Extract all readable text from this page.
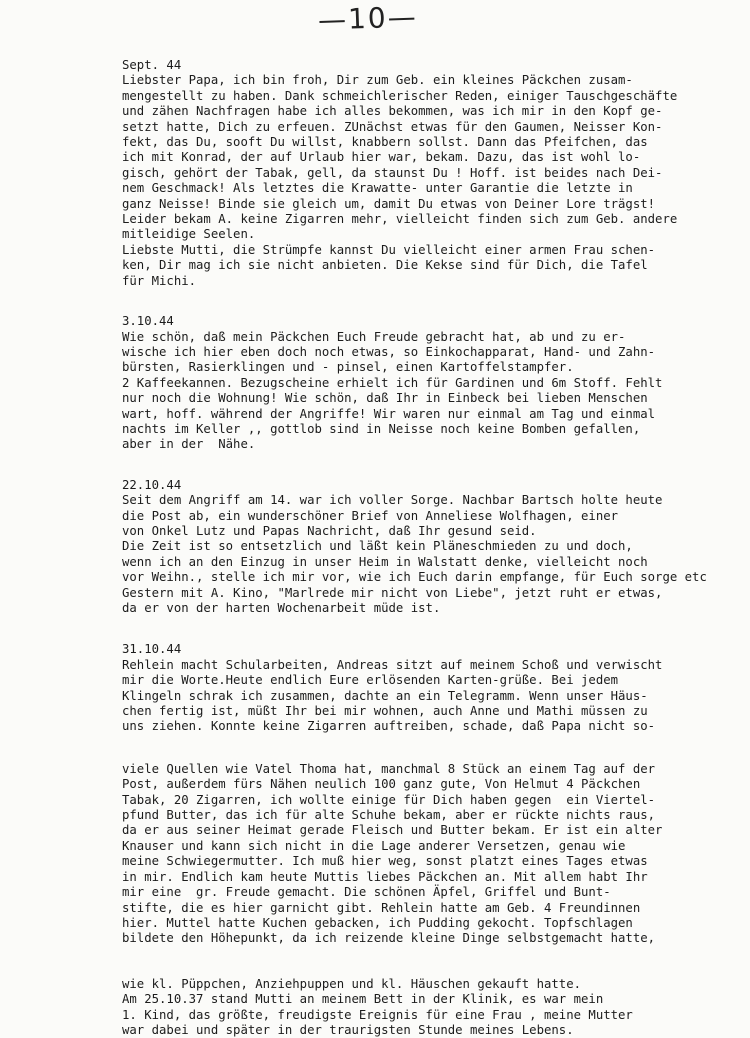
—10—
Sept. 44
Liebster Papa, ich bin froh, Dir zum Geb. ein kleines Päckchen zusam-
mengestellt zu haben. Dank schmeichlerischer Reden, einiger Tauschgeschäfte
und zähen Nachfragen habe ich alles bekommen, was ich mir in den Kopf ge-
setzt hatte, Dich zu erfeuen. ZUnächst etwas für den Gaumen, Neisser Kon-
fekt, das Du, sooft Du willst, knabbern sollst. Dann das Pfeifchen, das
ich mit Konrad, der auf Urlaub hier war, bekam. Dazu, das ist wohl lo-
gisch, gehört der Tabak, gell, da staunst Du ! Hoff. ist beides nach Dei-
nem Geschmack! Als letztes die Krawatte- unter Garantie die letzte in
ganz Neisse! Binde sie gleich um, damit Du etwas von Deiner Lore trägst!
Leider bekam A. keine Zigarren mehr, vielleicht finden sich zum Geb. andere
mitleidige Seelen.
Liebste Mutti, die Strümpfe kannst Du vielleicht einer armen Frau schen-
ken, Dir mag ich sie nicht anbieten. Die Kekse sind für Dich, die Tafel
für Michi.
3.10.44
Wie schön, daß mein Päckchen Euch Freude gebracht hat, ab und zu er-
wische ich hier eben doch noch etwas, so Einkochapparat, Hand- und Zahn-
bürsten, Rasierklingen und - pinsel, einen Kartoffelstampfer.
2 Kaffeekannen. Bezugscheine erhielt ich für Gardinen und 6m Stoff. Fehlt
nur noch die Wohnung! Wie schön, daß Ihr in Einbeck bei lieben Menschen
wart, hoff. während der Angriffe! Wir waren nur einmal am Tag und einmal
nachts im Keller ,, gottlob sind in Neisse noch keine Bomben gefallen,
aber in der  Nähe.
22.10.44
Seit dem Angriff am 14. war ich voller Sorge. Nachbar Bartsch holte heute
die Post ab, ein wunderschöner Brief von Anneliese Wolfhagen, einer
von Onkel Lutz und Papas Nachricht, daß Ihr gesund seid.
Die Zeit ist so entsetzlich und läßt kein Pläneschmieden zu und doch,
wenn ich an den Einzug in unser Heim in Walstatt denke, vielleicht noch
vor Weihn., stelle ich mir vor, wie ich Euch darin empfange, für Euch sorge etc
Gestern mit A. Kino, "Marlrede mir nicht von Liebe", jetzt ruht er etwas,
da er von der harten Wochenarbeit müde ist.
31.10.44
Rehlein macht Schularbeiten, Andreas sitzt auf meinem Schoß und verwischt
mir die Worte.Heute endlich Eure erlösenden Karten-grüße. Bei jedem
Klingeln schrak ich zusammen, dachte an ein Telegramm. Wenn unser Häus-
chen fertig ist, müßt Ihr bei mir wohnen, auch Anne und Mathi müssen zu
uns ziehen. Konnte keine Zigarren auftreiben, schade, daß Papa nicht so-
viele Quellen wie Vatel Thoma hat, manchmal 8 Stück an einem Tag auf der
Post, außerdem fürs Nähen neulich 100 ganz gute, Von Helmut 4 Päckchen
Tabak, 20 Zigarren, ich wollte einige für Dich haben gegen  ein Viertel-
pfund Butter, das ich für alte Schuhe bekam, aber er rückte nichts raus,
da er aus seiner Heimat gerade Fleisch und Butter bekam. Er ist ein alter
Knauser und kann sich nicht in die Lage anderer Versetzen, genau wie
meine Schwiegermutter. Ich muß hier weg, sonst platzt eines Tages etwas
in mir. Endlich kam heute Muttis liebes Päckchen an. Mit allem habt Ihr
mir eine  gr. Freude gemacht. Die schönen Äpfel, Griffel und Bunt-
stifte, die es hier garnicht gibt. Rehlein hatte am Geb. 4 Freundinnen
hier. Muttel hatte Kuchen gebacken, ich Pudding gekocht. Topfschlagen
bildete den Höhepunkt, da ich reizende kleine Dinge selbstgemacht hatte,
wie kl. Püppchen, Anziehpuppen und kl. Häuschen gekauft hatte.
Am 25.10.37 stand Mutti an meinem Bett in der Klinik, es war mein
1. Kind, das größte, freudigste Ereignis für eine Frau , meine Mutter
war dabei und später in der traurigsten Stunde meines Lebens.
